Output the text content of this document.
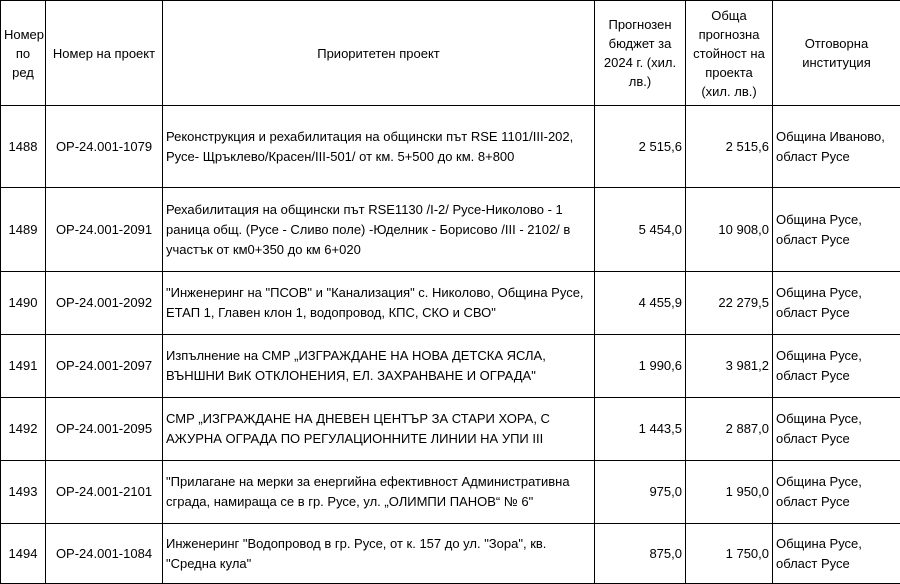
Номер по ред	Номер на проект	Приоритетен проект	Прогнозен бюджет за 2024 г. (хил. лв.)	Обща прогнозна стойност на проекта (хил. лв.)	Отговорна институция
1488	ОР-24.001-1079	Реконструкция и рехабилитация на общински път RSE 1101/III-202, Русе- Щръклево/Красен/III-501/ от км. 5+500 до км. 8+800	2 515,6	2 515,6	Община Иваново, област Русе
1489	ОР-24.001-2091	Рехабилитация на общински път RSE1130 /I-2/ Русе-Николово - 1 раница общ. (Русе - Сливо поле) -Юделник - Борисово /III - 2102/ в участък от км0+350 до км 6+020	5 454,0	10 908,0	Община Русе, област Русе
1490	ОР-24.001-2092	"Инженеринг на "ПСОВ" и "Канализация" с. Николово, Община Русе, ЕТАП 1, Главен клон 1, водопровод, КПС, СКО и СВО"	4 455,9	22 279,5	Община Русе, област Русе
1491	ОР-24.001-2097	Изпълнение на СМР „ИЗГРАЖДАНЕ НА НОВА ДЕТСКА ЯСЛА, ВЪНШНИ ВиК ОТКЛОНЕНИЯ, ЕЛ. ЗАХРАНВАНЕ И ОГРАДА"	1 990,6	3 981,2	Община Русе, област Русе
1492	ОР-24.001-2095	СМР „ИЗГРАЖДАНЕ НА ДНЕВЕН ЦЕНТЪР ЗА СТАРИ ХОРА, С АЖУРНА ОГРАДА ПО РЕГУЛАЦИОННИТЕ ЛИНИИ НА УПИ III	1 443,5	2 887,0	Община Русе, област Русе
1493	ОР-24.001-2101	"Прилагане на мерки за енергийна ефективност Административна сграда, намираща се в гр. Русе, ул. „ОЛИМПИ ПАНОВ“ № 6"	975,0	1 950,0	Община Русе, област Русе
1494	ОР-24.001-1084	Инженеринг "Водопровод в гр. Русе, от к. 157 до ул. "Зора", кв. "Средна кула"	875,0	1 750,0	Община Русе, област Русе
